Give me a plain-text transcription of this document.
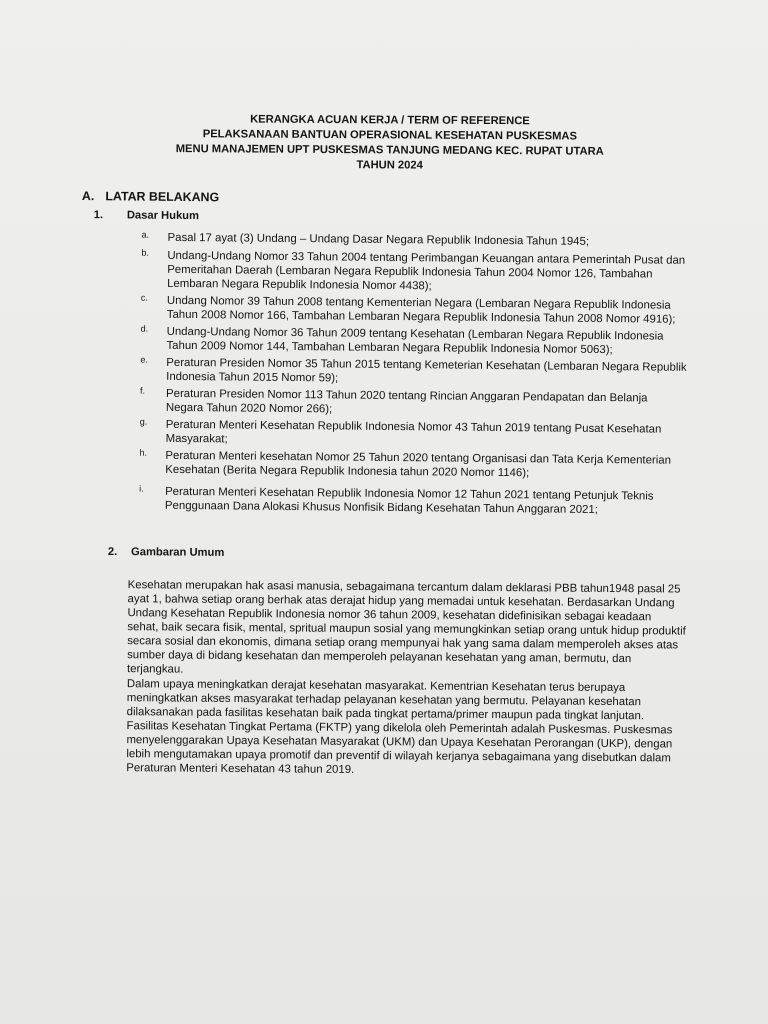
KERANGKA ACUAN KERJA / TERM OF REFERENCE
PELAKSANAAN BANTUAN OPERASIONAL KESEHATAN PUSKESMAS
MENU MANAJEMEN UPT PUSKESMAS TANJUNG MEDANG KEC. RUPAT UTARA
TAHUN 2024
A. LATAR BELAKANG
1. Dasar Hukum
a. Pasal 17 ayat (3) Undang – Undang Dasar Negara Republik Indonesia Tahun 1945;
b. Undang-Undang Nomor 33 Tahun 2004 tentang Perimbangan Keuangan antara Pemerintah Pusat dan
Pemeritahan Daerah (Lembaran Negara Republik Indonesia Tahun 2004 Nomor 126, Tambahan
Lembaran Negara Republik Indonesia Nomor 4438);
c. Undang Nomor 39 Tahun 2008 tentang Kementerian Negara (Lembaran Negara Republik Indonesia
Tahun 2008 Nomor 166, Tambahan Lembaran Negara Republik Indonesia Tahun 2008 Nomor 4916);
d. Undang-Undang Nomor 36 Tahun 2009 tentang Kesehatan (Lembaran Negara Republik Indonesia
Tahun 2009 Nomor 144, Tambahan Lembaran Negara Republik Indonesia Nomor 5063);
e. Peraturan Presiden Nomor 35 Tahun 2015 tentang Kemeterian Kesehatan (Lembaran Negara Republik
Indonesia Tahun 2015 Nomor 59);
f. Peraturan Presiden Nomor 113 Tahun 2020 tentang Rincian Anggaran Pendapatan dan Belanja
Negara Tahun 2020 Nomor 266);
g. Peraturan Menteri Kesehatan Republik Indonesia Nomor 43 Tahun 2019 tentang Pusat Kesehatan
Masyarakat;
h. Peraturan Menteri kesehatan Nomor 25 Tahun 2020 tentang Organisasi dan Tata Kerja Kementerian
Kesehatan (Berita Negara Republik Indonesia tahun 2020 Nomor 1146);
i. Peraturan Menteri Kesehatan Republik Indonesia Nomor 12 Tahun 2021 tentang Petunjuk Teknis
Penggunaan Dana Alokasi Khusus Nonfisik Bidang Kesehatan Tahun Anggaran 2021;
2. Gambaran Umum
Kesehatan merupakan hak asasi manusia, sebagaimana tercantum dalam deklarasi PBB tahun1948 pasal 25
ayat 1, bahwa setiap orang berhak atas derajat hidup yang memadai untuk kesehatan. Berdasarkan Undang
Undang Kesehatan Republik Indonesia nomor 36 tahun 2009, kesehatan didefinisikan sebagai keadaan
sehat, baik secara fisik, mental, spritual maupun sosial yang memungkinkan setiap orang untuk hidup produktif
secara sosial dan ekonomis, dimana setiap orang mempunyai hak yang sama dalam memperoleh akses atas
sumber daya di bidang kesehatan dan memperoleh pelayanan kesehatan yang aman, bermutu, dan
terjangkau.
Dalam upaya meningkatkan derajat kesehatan masyarakat. Kementrian Kesehatan terus berupaya
meningkatkan akses masyarakat terhadap pelayanan kesehatan yang bermutu. Pelayanan kesehatan
dilaksanakan pada fasilitas kesehatan baik pada tingkat pertama/primer maupun pada tingkat lanjutan.
Fasilitas Kesehatan Tingkat Pertama (FKTP) yang dikelola oleh Pemerintah adalah Puskesmas. Puskesmas
menyelenggarakan Upaya Kesehatan Masyarakat (UKM) dan Upaya Kesehatan Perorangan (UKP), dengan
lebih mengutamakan upaya promotif dan preventif di wilayah kerjanya sebagaimana yang disebutkan dalam
Peraturan Menteri Kesehatan 43 tahun 2019.
